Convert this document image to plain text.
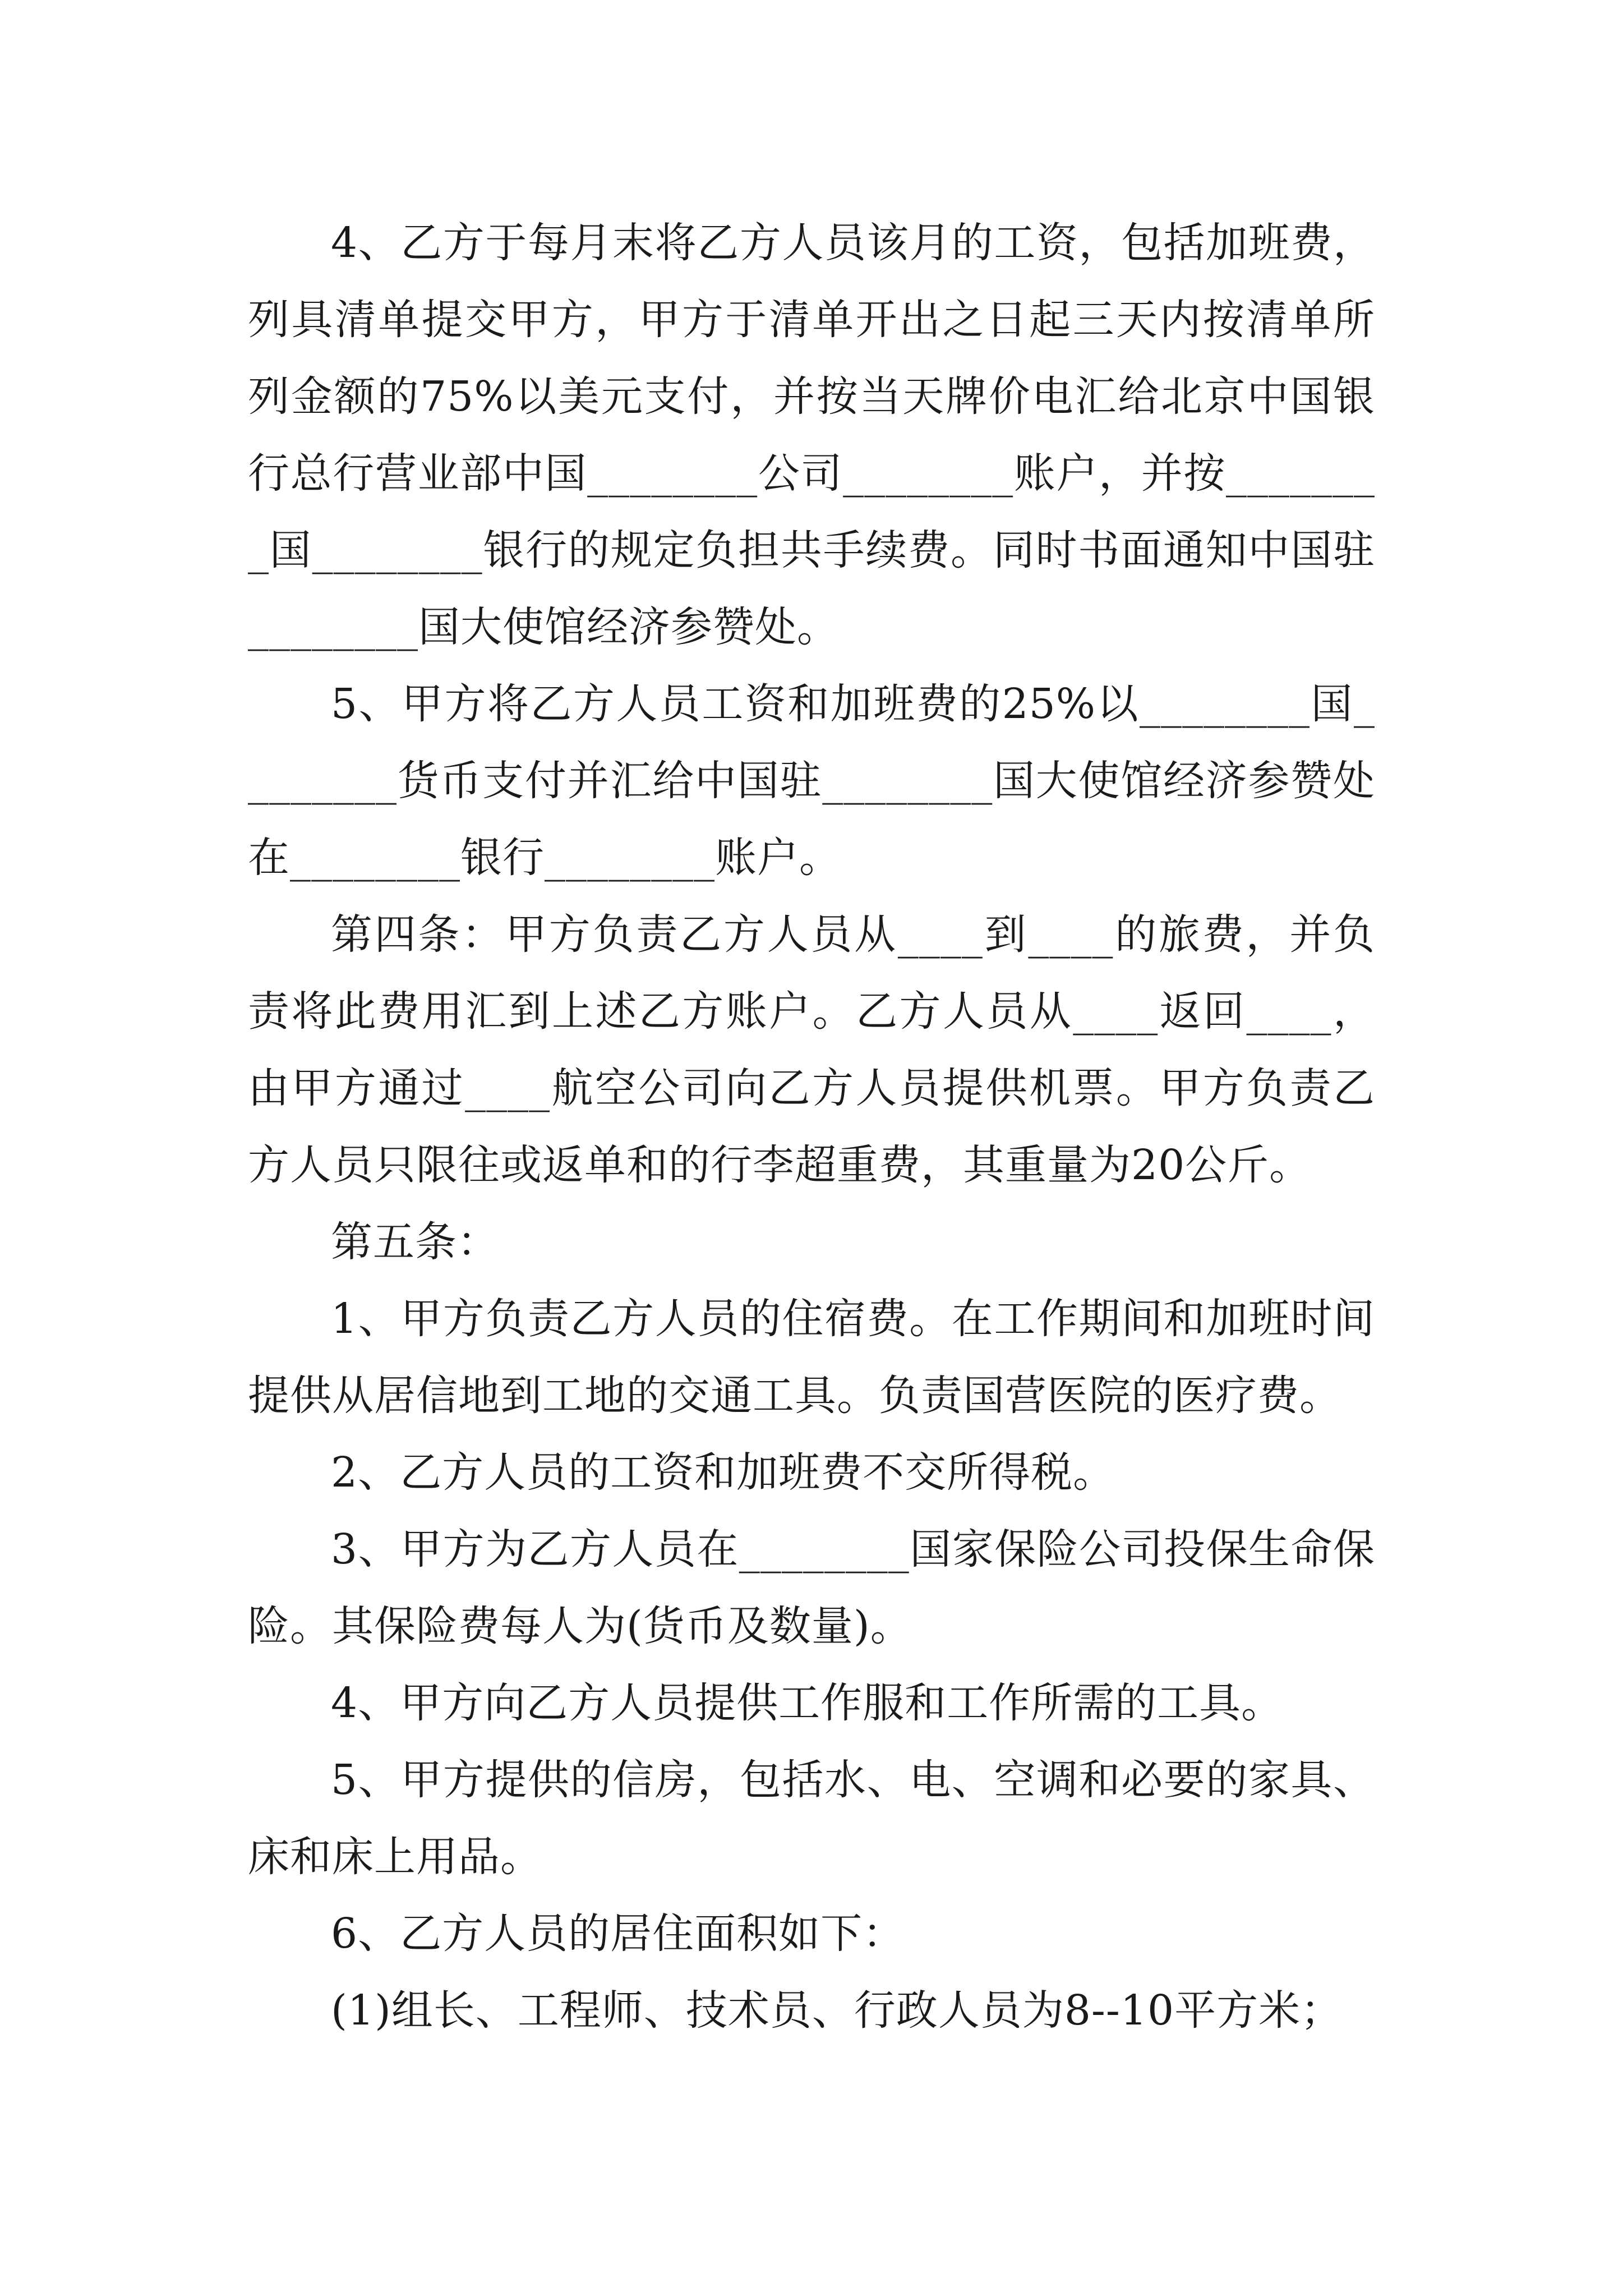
4、乙方于每月末将乙方人员该月的工资，包括加班费，列具清单提交甲方，甲方于清单开出之日起三天内按清单所列金额的75%以美元支付，并按当天牌价电汇给北京中国银行总行营业部中国________公司________账户，并按________国________银行的规定负担共手续费。同时书面通知中国驻________国大使馆经济参赞处。

5、甲方将乙方人员工资和加班费的25%以________国________货币支付并汇给中国驻________国大使馆经济参赞处在________银行________账户。

第四条：甲方负责乙方人员从____到____的旅费，并负责将此费用汇到上述乙方账户。乙方人员从____返回____，由甲方通过____航空公司向乙方人员提供机票。甲方负责乙方人员只限往或返单和的行李超重费，其重量为20公斤。

第五条：

1、甲方负责乙方人员的住宿费。在工作期间和加班时间提供从居信地到工地的交通工具。负责国营医院的医疗费。

2、乙方人员的工资和加班费不交所得税。

3、甲方为乙方人员在________国家保险公司投保生命保险。其保险费每人为(货币及数量)。

4、甲方向乙方人员提供工作服和工作所需的工具。

5、甲方提供的信房，包括水、电、空调和必要的家具、床和床上用品。

6、乙方人员的居住面积如下：

(1)组长、工程师、技术员、行政人员为8--10平方米；
